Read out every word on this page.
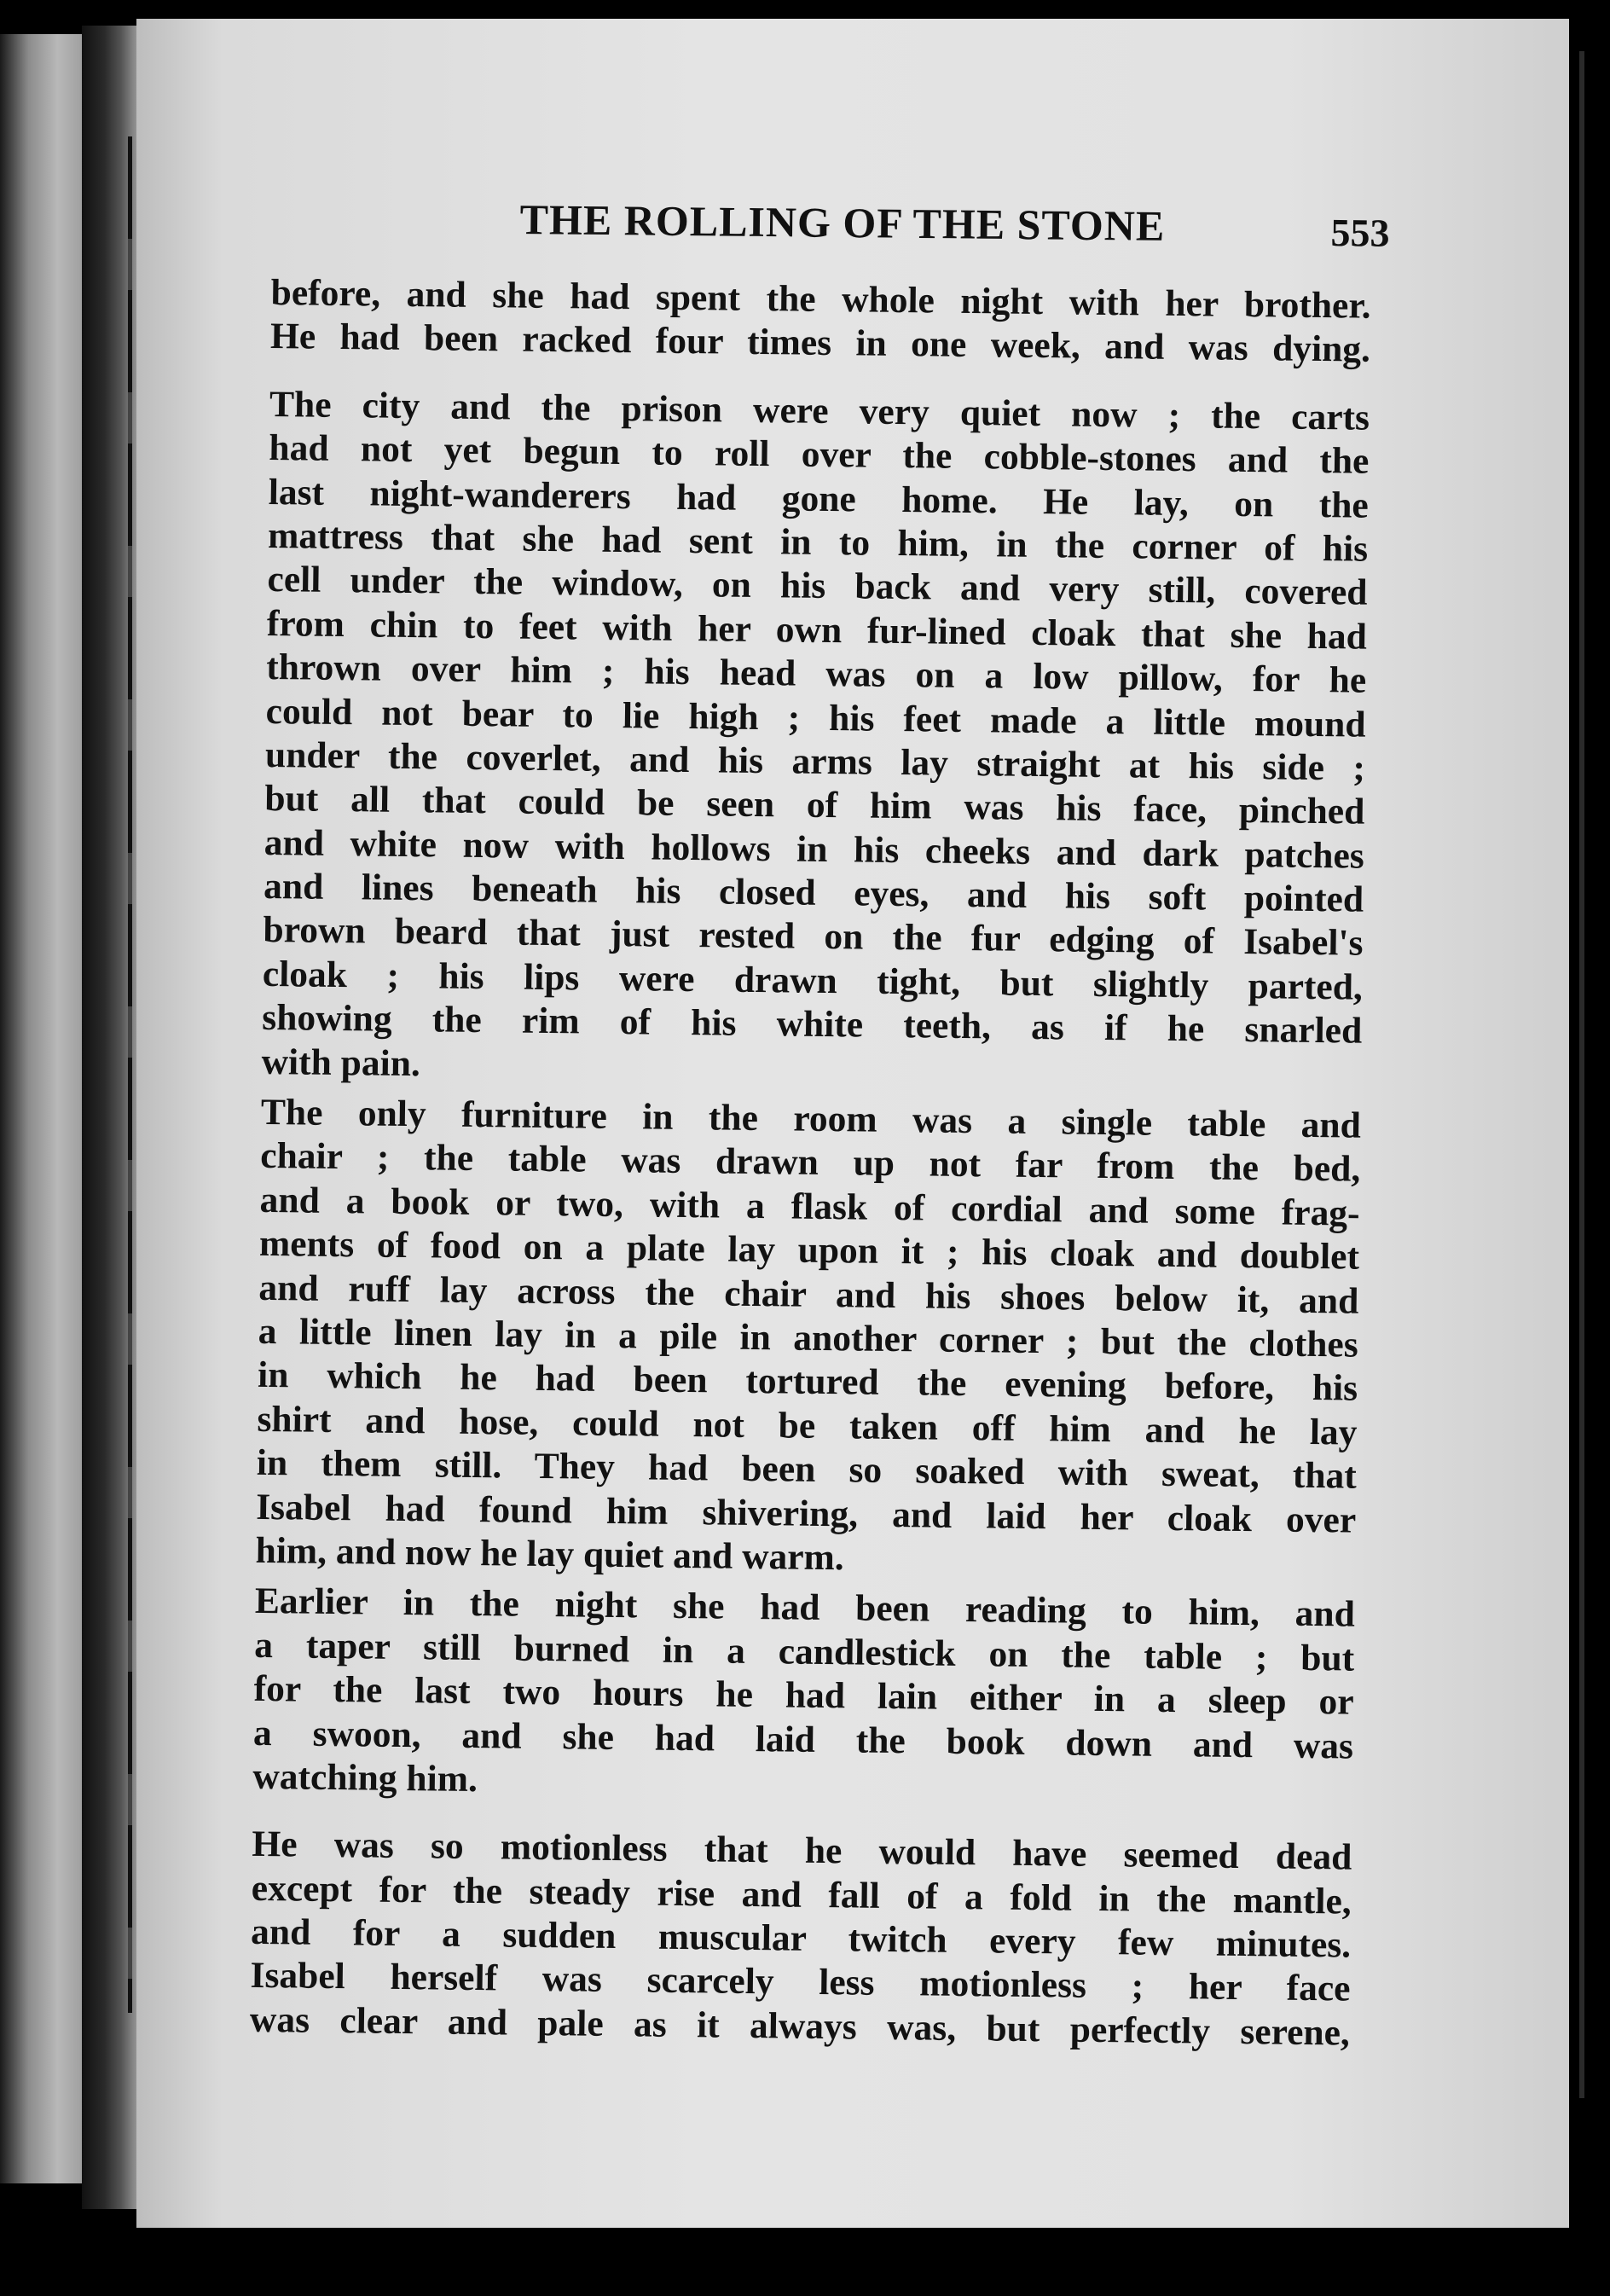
THE ROLLING OF THE STONE	553
before, and she had spent the whole night with her brother.
He had been racked four times in one week, and was dying.
The city and the prison were very quiet now ; the carts
had not yet begun to roll over the cobble-stones and the
last night-wanderers had gone home. He lay, on the
mattress that she had sent in to him, in the corner of his
cell under the window, on his back and very still, covered
from chin to feet with her own fur-lined cloak that she had
thrown over him ; his head was on a low pillow, for he
could not bear to lie high ; his feet made a little mound
under the coverlet, and his arms lay straight at his side ;
but all that could be seen of him was his face, pinched
and white now with hollows in his cheeks and dark patches
and lines beneath his closed eyes, and his soft pointed
brown beard that just rested on the fur edging of Isabel's
cloak ; his lips were drawn tight, but slightly parted,
showing the rim of his white teeth, as if he snarled
with pain.
The only furniture in the room was a single table and
chair ; the table was drawn up not far from the bed,
and a book or two, with a flask of cordial and some frag-
ments of food on a plate lay upon it ; his cloak and doublet
and ruff lay across the chair and his shoes below it, and
a little linen lay in a pile in another corner ; but the clothes
in which he had been tortured the evening before, his
shirt and hose, could not be taken off him and he lay
in them still. They had been so soaked with sweat, that
Isabel had found him shivering, and laid her cloak over
him, and now he lay quiet and warm.
Earlier in the night she had been reading to him, and
a taper still burned in a candlestick on the table ; but
for the last two hours he had lain either in a sleep or
a swoon, and she had laid the book down and was
watching him.
He was so motionless that he would have seemed dead
except for the steady rise and fall of a fold in the mantle,
and for a sudden muscular twitch every few minutes.
Isabel herself was scarcely less motionless ; her face
was clear and pale as it always was, but perfectly serene,
